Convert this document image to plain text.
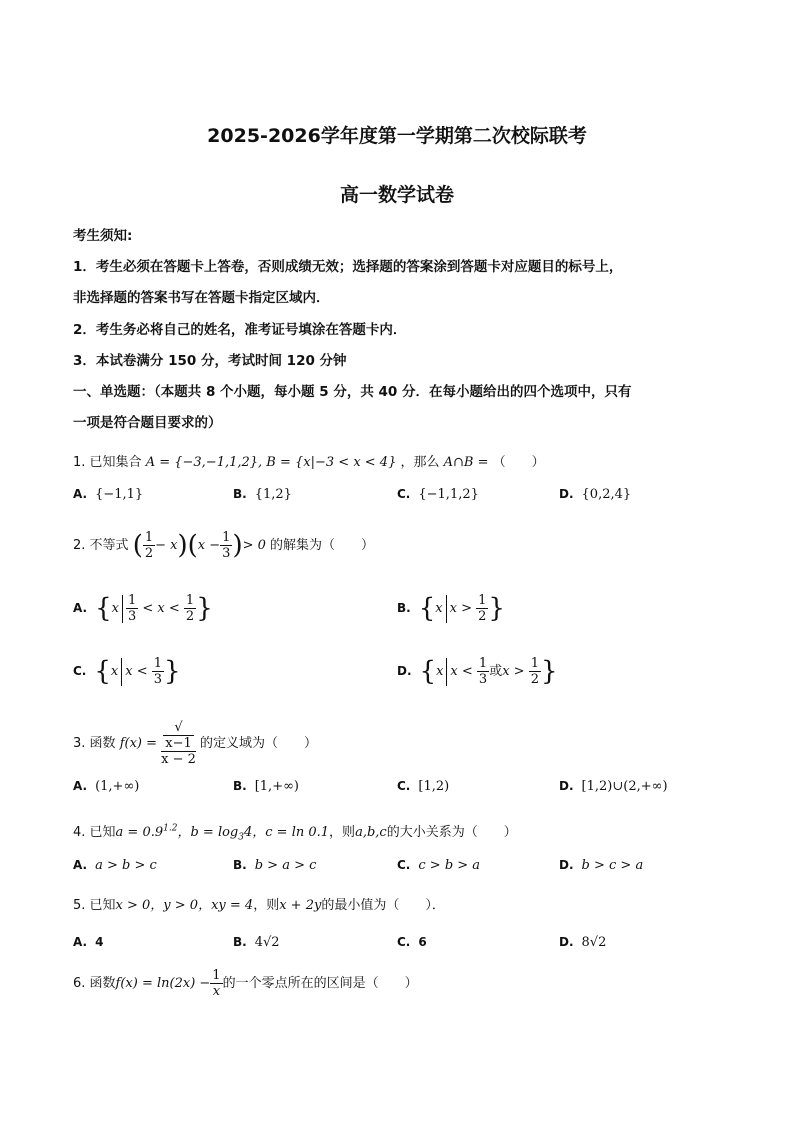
2025-2026学年度第一学期第二次校际联考
高一数学试卷
考生须知:
1．考生必须在答题卡上答卷，否则成绩无效；选择题的答案涂到答题卡对应题目的标号上，
非选择题的答案书写在答题卡指定区域内．
2．考生务必将自己的姓名，准考证号填涂在答题卡内．
3．本试卷满分 150 分，考试时间 120 分钟
一、单选题：（本题共 8 个小题，每小题 5 分，共 40 分．在每小题给出的四个选项中，只有
一项是符合题目要求的）
1. 已知集合 A = {−3,−1,1,2}, B = {x|−3 < x < 4} ，那么 A∩B = （　　）
A. {−1,1}	B. {1,2}	C. {−1,1,2}	D. {0,2,4}
2. 不等式 ( $\frac{1}{2} - x)(x - \frac{1}{3}$ )> 0 的解集为（　　）
A. {$x \frac{1}{3} < x < \frac{1}{2}$ }	B. {x $x > \frac{1}{2}$ }
C. {x $x < \frac{1}{3}$ }	D. {x $x < \frac{1}{3}$ 或$x > \frac{1}{2}$ }
3. 函数 f(x) = √
x−1
x − 2 的定义域为（　　）
A. (1,+∞)	B. [1,+∞)	C. [1,2)	D. [1,2)∪(2,+∞)
4. 已知$a = 0.9^{1.2}$，$b = \log_34$，c = ln 0.1，则a,b,c的大小关系为（　　）
A. a > b > c	B. b > a > c	C. c > b > a	D. b > c > a
5. 已知x > 0，y > 0，xy = 4，则x + 2y的最小值为（　　）．
A. 4	B. 4√2	C. 6	D. 8√2
6. 函数$f(x) = \ln(2x) - \frac{1}{x}$ 的一个零点所在的区间是（　　）
